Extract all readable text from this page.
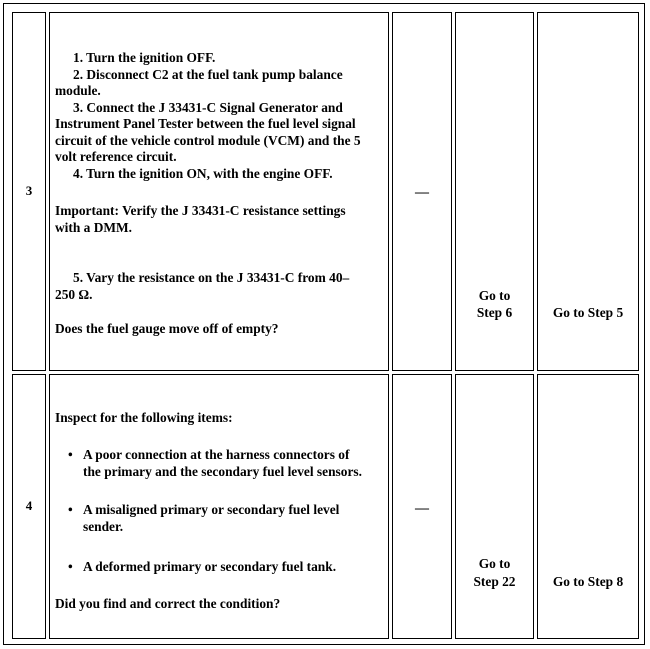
3

1. Turn the ignition OFF.

2. Disconnect C2 at the fuel tank pump balance

module.

3. Connect the J 33431-C Signal Generator and

Instrument Panel Tester between the fuel level signal

circuit of the vehicle control module (VCM) and the 5

volt reference circuit.

4. Turn the ignition ON, with the engine OFF.

Important: Verify the J 33431-C resistance settings

with a DMM.

5. Vary the resistance on the J 33431-C from 40–

250 Ω.

Does the fuel gauge move off of empty?

—
Go to
Step 6	Go to Step 5
4

Inspect for the following items:

• A poor connection at the harness connectors of

the primary and the secondary fuel level sensors.

• A misaligned primary or secondary fuel level

sender.

• A deformed primary or secondary fuel tank.

Did you find and correct the condition?

—
Go to
Step 22	Go to Step 8
